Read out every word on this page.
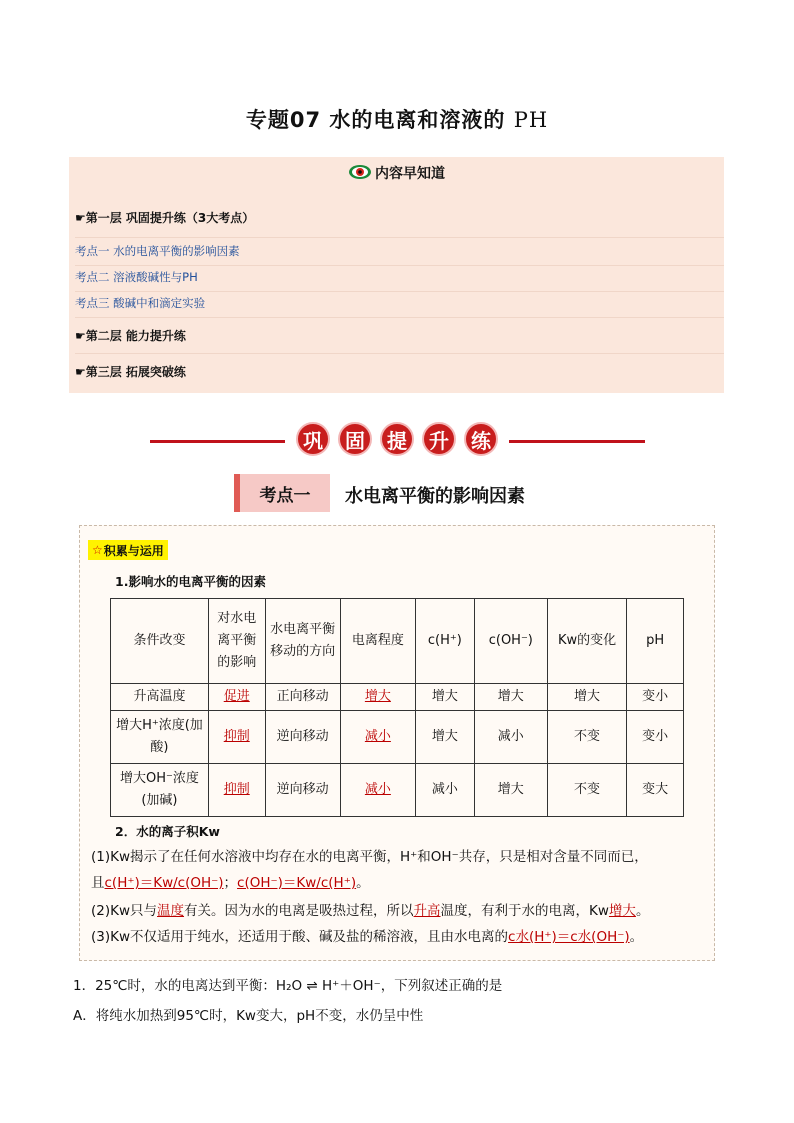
专题07 水的电离和溶液的 PH
内容早知道
☛第一层 巩固提升练（3大考点）
考点一 水的电离平衡的影响因素
考点二 溶液酸碱性与PH
考点三 酸碱中和滴定实验
☛第二层 能力提升练
☛第三层 拓展突破练
巩	固	提	升	练
考点一	水电离平衡的影响因素
☆ 积累与运用
1.影响水的电离平衡的因素
条件改变	对水电离平衡的影响	水电离平衡移动的方向	电离程度	c(H⁺)	c(OH⁻)	Kw的变化	pH
升高温度	促进	正向移动	增大	增大	增大	增大	变小
增大H⁺浓度(加酸)	抑制	逆向移动	减小	增大	减小	不变	变小
增大OH⁻浓度(加碱)	抑制	逆向移动	减小	减小	增大	不变	变大
2．水的离子积Kw
(1)Kw揭示了在任何水溶液中均存在水的电离平衡，H⁺和OH⁻共存，只是相对含量不同而已，
且c(H⁺)＝Kw/c(OH⁻)；c(OH⁻)＝Kw/c(H⁺)。
(2)Kw只与温度有关。因为水的电离是吸热过程，所以升高温度，有利于水的电离，Kw增大。
(3)Kw不仅适用于纯水，还适用于酸、碱及盐的稀溶液，且由水电离的c水(H⁺)＝c水(OH⁻)。
1．25℃时，水的电离达到平衡：H₂O ⇌ H⁺＋OH⁻，下列叙述正确的是
A．将纯水加热到95℃时，Kw变大，pH不变，水仍呈中性
